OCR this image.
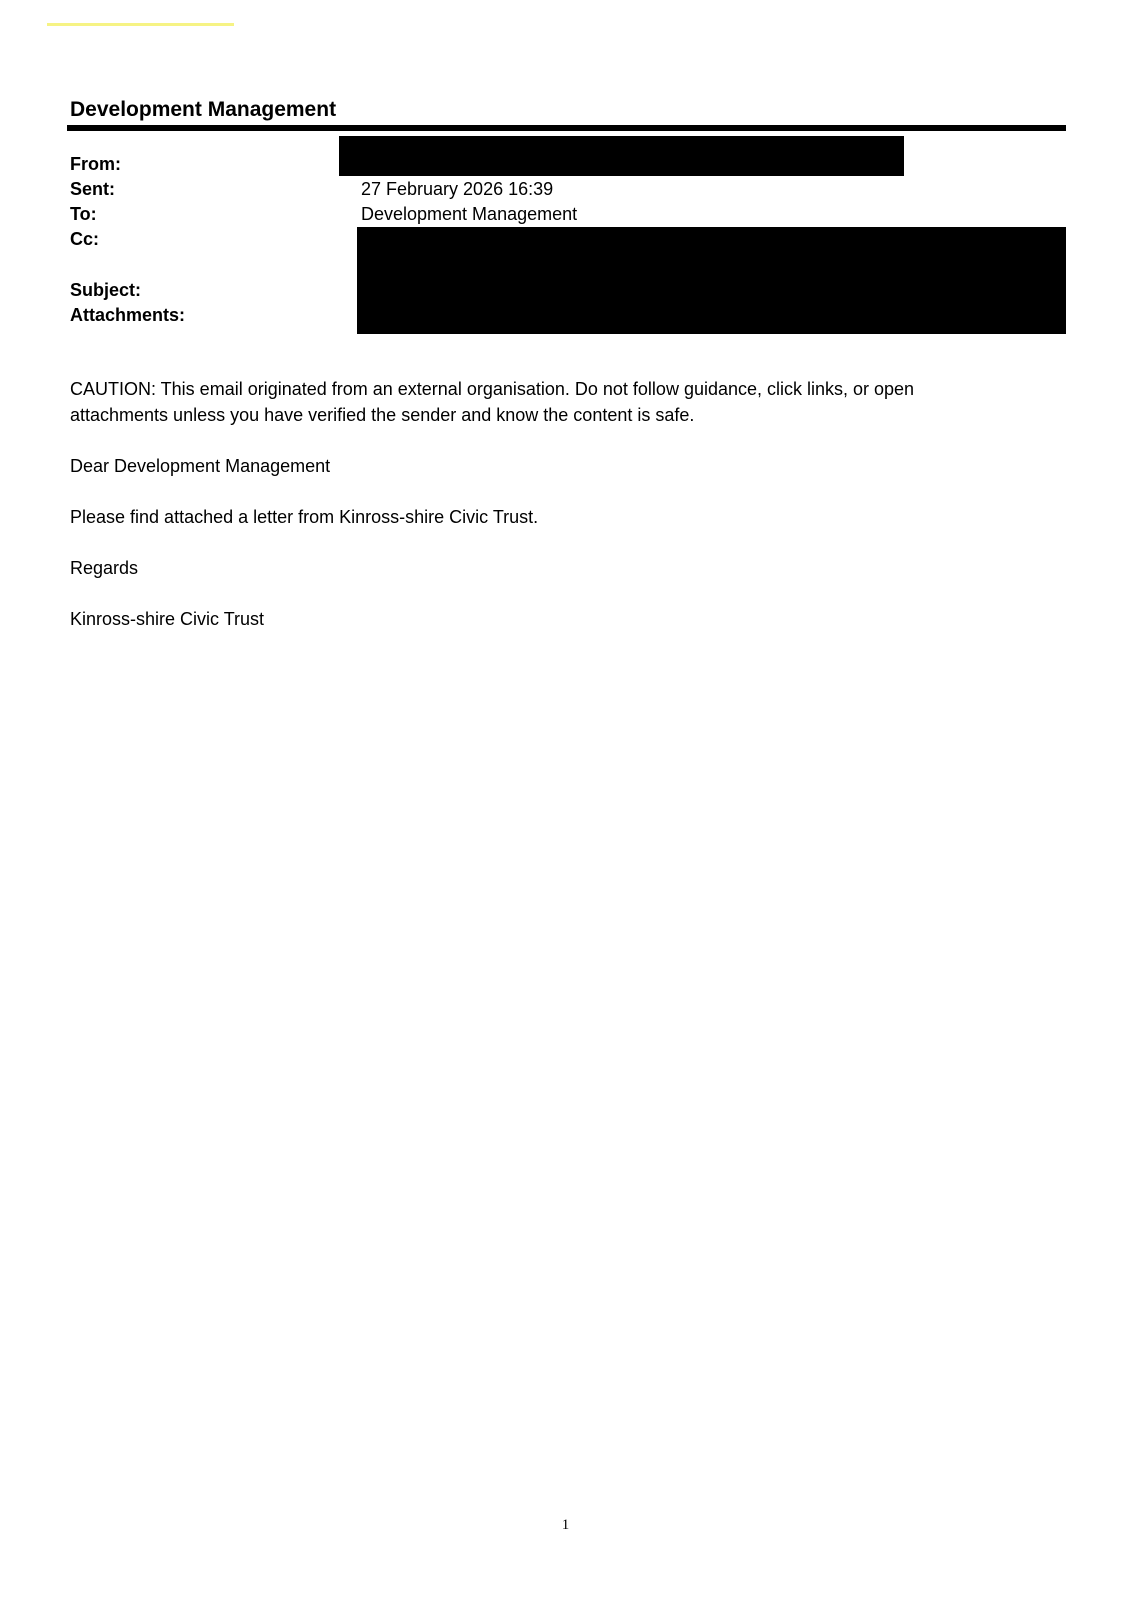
Development Management
From:
Sent:	27 February 2026 16:39
To:	Development Management
Cc:
Subject:
Attachments:

CAUTION: This email originated from an external organisation. Do not follow guidance, click links, or open

attachments unless you have verified the sender and know the content is safe.

Dear Development Management

Please find attached a letter from Kinross-shire Civic Trust.

Regards

Kinross-shire Civic Trust

1
